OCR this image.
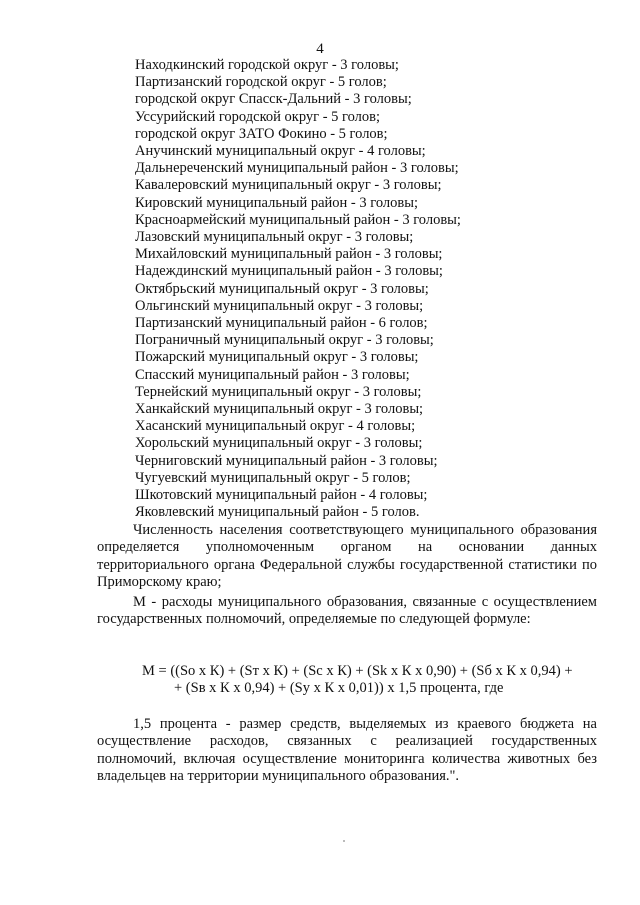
4
Находкинский городской округ - 3 головы;
Партизанский городской округ - 5 голов;
городской округ Спасск-Дальний - 3 головы;
Уссурийский городской округ - 5 голов;
городской округ ЗАТО Фокино - 5 голов;
Анучинский муниципальный округ - 4 головы;
Дальнереченский муниципальный район - 3 головы;
Кавалеровский муниципальный округ - 3 головы;
Кировский муниципальный район - 3 головы;
Красноармейский муниципальный район - 3 головы;
Лазовский муниципальный округ - 3 головы;
Михайловский муниципальный район - 3 головы;
Надеждинский муниципальный район - 3 головы;
Октябрьский муниципальный округ - 3 головы;
Ольгинский муниципальный округ - 3 головы;
Партизанский муниципальный район - 6 голов;
Пограничный муниципальный округ - 3 головы;
Пожарский муниципальный округ - 3 головы;
Спасский муниципальный район - 3 головы;
Тернейский муниципальный округ - 3 головы;
Ханкайский муниципальный округ - 3 головы;
Хасанский муниципальный округ - 4 головы;
Хорольский муниципальный округ - 3 головы;
Черниговский муниципальный район - 3 головы;
Чугуевский муниципальный округ - 5 голов;
Шкотовский муниципальный район - 4 головы;
Яковлевский муниципальный район - 5 голов.

Численность населения соответствующего муниципального образования определяется уполномоченным органом на основании данных территориального органа Федеральной службы государственной статистики по Приморскому краю;

М - расходы муниципального образования, связанные с осуществлением государственных полномочий, определяемые по следующей формуле:

М = ((Sо х К) + (Sт х К) + (Sс х К) + (Sk х К х 0,90) + (Sб х К х 0,94) +
+ (Sв х К х 0,94) + (Sу х К х 0,01)) х 1,5 процента, где

1,5 процента - размер средств, выделяемых из краевого бюджета на осуществление расходов, связанных с реализацией государственных полномочий, включая осуществление мониторинга количества животных без владельцев на территории муниципального образования.".
